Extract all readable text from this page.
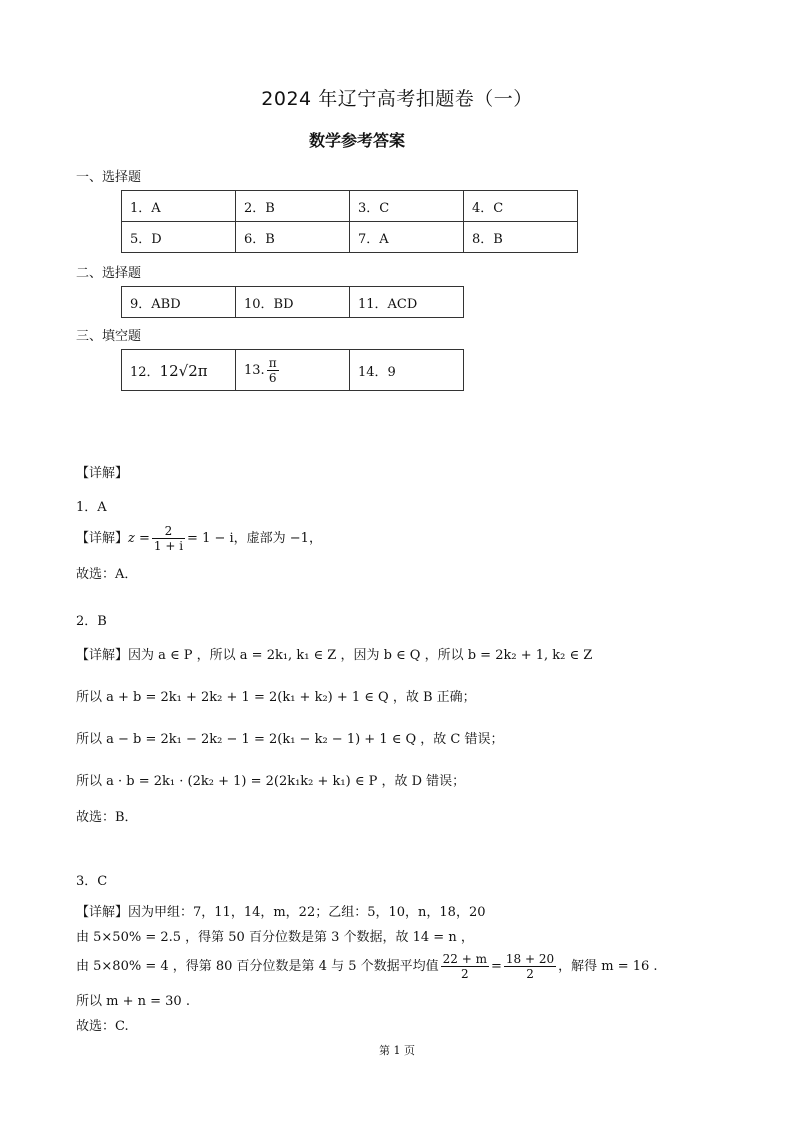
2024 年辽宁高考扣题卷（一）
数学参考答案
一、选择题
1．A	2．B	3．C	4．C
5．D	6．B	7．A	8．B
二、选择题
9．ABD	10．BD	11．ACD
三、填空题
12．12√2π	13. $\frac{\pi}{6}$	14．9
【详解】
1．A
【详解】$z = \frac{2}{1 + i} = 1 - i$，虚部为 −1，
故选：A．
2．B
【详解】因为 a ∈ P ，所以 a = 2k₁, k₁ ∈ Z ，因为 b ∈ Q ，所以 b = 2k₂ + 1, k₂ ∈ Z
所以 a + b = 2k₁ + 2k₂ + 1 = 2(k₁ + k₂) + 1 ∈ Q ，故 B 正确；
所以 a − b = 2k₁ − 2k₂ − 1 = 2(k₁ − k₂ − 1) + 1 ∈ Q ，故 C 错误；
所以 a · b = 2k₁ · (2k₂ + 1) = 2(2k₁k₂ + k₁) ∈ P ，故 D 错误；
故选：B．
3．C
【详解】因为甲组：7，11，14，m，22；乙组：5，10，n，18，20
由 5×50% = 2.5 ，得第 50 百分位数是第 3 个数据，故 14 = n ，
由 5×80% = 4 ，得第 80 百分位数是第 4 与 5 个数据平均值 $\frac{22 + m}{2} = \frac{18 + 20}{2}$ ，解得 m = 16 .
所以 m + n = 30 .
故选：C.
第 1 页
